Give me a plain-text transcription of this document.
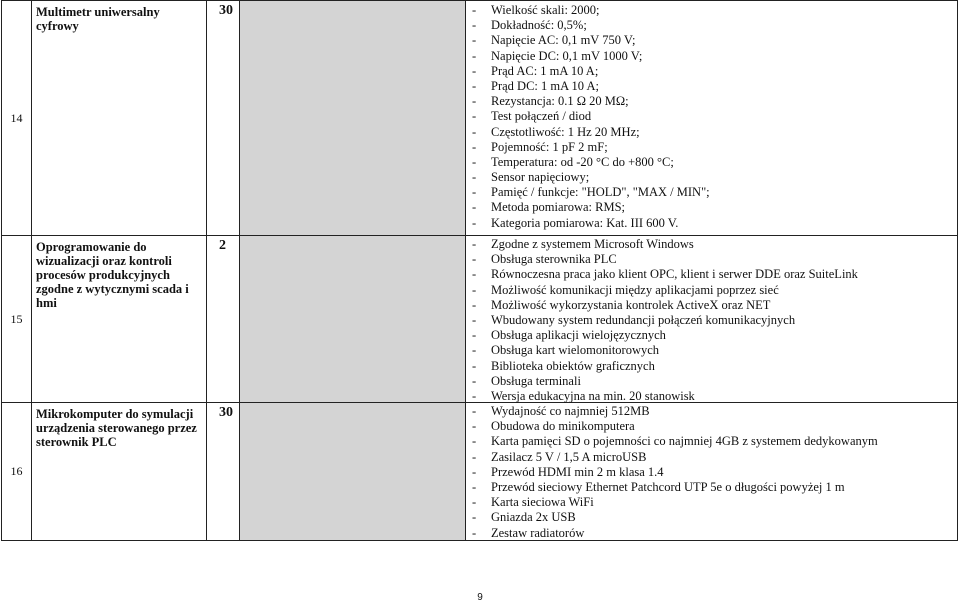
14
Multimetr uniwersalny cyfrowy
30
15
Oprogramowanie do wizualizacji oraz kontroli procesów produkcyjnych zgodne z wytycznymi scada i hmi
2
16
Mikrokomputer do symulacji urządzenia sterowanego przez sterownik PLC
30
- Wielkość skali: 2000;
- Dokładność: 0,5%;
- Napięcie AC: 0,1 mV 750 V;
- Napięcie DC: 0,1 mV 1000 V;
- Prąd AC: 1 mA 10 A;
- Prąd DC: 1 mA 10 A;
- Rezystancja: 0.1 Ω 20 MΩ;
- Test połączeń / diod
- Częstotliwość: 1 Hz 20 MHz;
- Pojemność: 1 pF 2 mF;
- Temperatura: od -20 °C do +800 °C;
- Sensor napięciowy;
- Pamięć / funkcje: "HOLD", "MAX / MIN";
- Metoda pomiarowa: RMS;
- Kategoria pomiarowa: Kat. III 600 V.
- Zgodne z systemem Microsoft Windows
- Obsługa sterownika PLC
- Równoczesna praca jako klient OPC, klient i serwer DDE oraz SuiteLink
- Możliwość komunikacji między aplikacjami poprzez sieć
- Możliwość wykorzystania kontrolek ActiveX oraz NET
- Wbudowany system redundancji połączeń komunikacyjnych
- Obsługa aplikacji wielojęzycznych
- Obsługa kart wielomonitorowych
- Biblioteka obiektów graficznych
- Obsługa terminali
- Wersja edukacyjna na min. 20 stanowisk
- Wydajność co najmniej 512MB
- Obudowa do minikomputera
- Karta pamięci SD o pojemności co najmniej 4GB z systemem dedykowanym
- Zasilacz 5 V / 1,5 A microUSB
- Przewód HDMI min 2 m klasa 1.4
- Przewód sieciowy Ethernet Patchcord UTP 5e o długości powyżej 1 m
- Karta sieciowa WiFi
- Gniazda 2x USB
- Zestaw radiatorów
9
